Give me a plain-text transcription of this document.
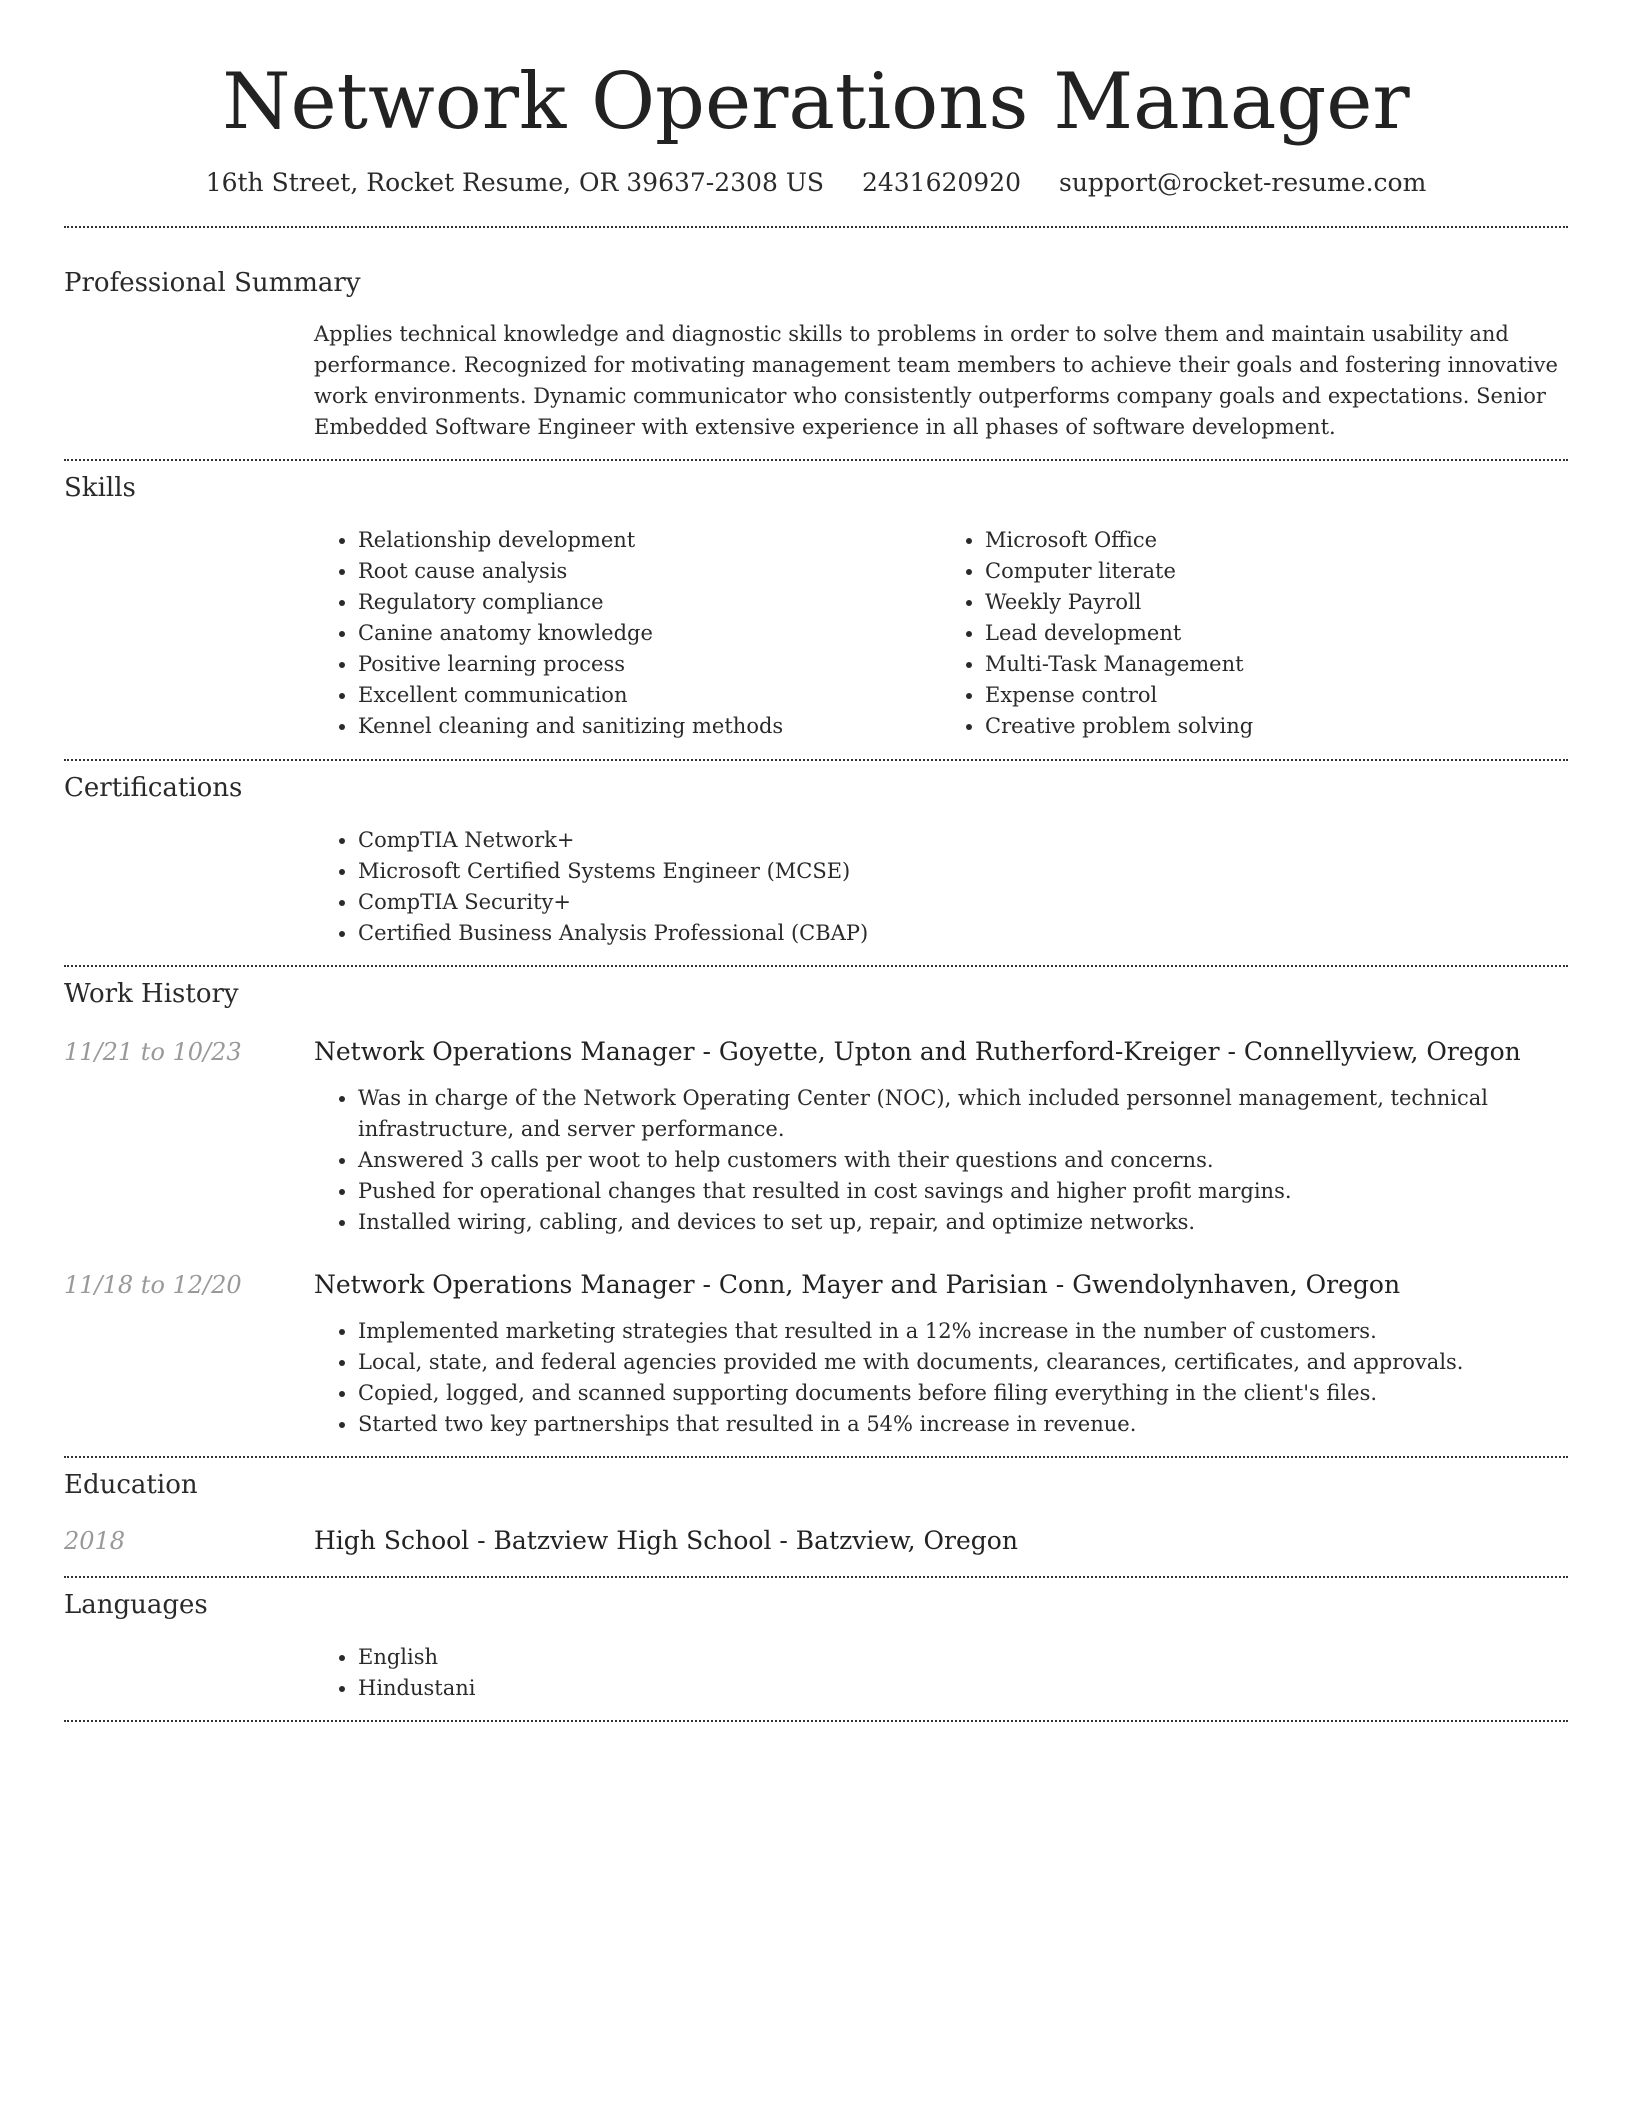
Network Operations Manager
16th Street, Rocket Resume, OR 39637-2308 US 2431620920 support@rocket-resume.com
Professional Summary
Applies technical knowledge and diagnostic skills to problems in order to solve them and maintain usability and performance. Recognized for motivating management team members to achieve their goals and fostering innovative work environments. Dynamic communicator who consistently outperforms company goals and expectations. Senior Embedded Software Engineer with extensive experience in all phases of software development.
Skills
• Relationship development
• Root cause analysis
• Regulatory compliance
• Canine anatomy knowledge
• Positive learning process
• Excellent communication
• Kennel cleaning and sanitizing methods
• Microsoft Office
• Computer literate
• Weekly Payroll
• Lead development
• Multi-Task Management
• Expense control
• Creative problem solving
Certifications
• CompTIA Network+
• Microsoft Certified Systems Engineer (MCSE)
• CompTIA Security+
• Certified Business Analysis Professional (CBAP)
Work History
11/21 to 10/23	Network Operations Manager - Goyette, Upton and Rutherford-Kreiger - Connellyview, Oregon
• Was in charge of the Network Operating Center (NOC), which included personnel management, technical infrastructure, and server performance.
• Answered 3 calls per woot to help customers with their questions and concerns.
• Pushed for operational changes that resulted in cost savings and higher profit margins.
• Installed wiring, cabling, and devices to set up, repair, and optimize networks.
11/18 to 12/20	Network Operations Manager - Conn, Mayer and Parisian - Gwendolynhaven, Oregon
• Implemented marketing strategies that resulted in a 12% increase in the number of customers.
• Local, state, and federal agencies provided me with documents, clearances, certificates, and approvals.
• Copied, logged, and scanned supporting documents before filing everything in the client's files.
• Started two key partnerships that resulted in a 54% increase in revenue.
Education
2018	High School - Batzview High School - Batzview, Oregon
Languages
• English
• Hindustani
